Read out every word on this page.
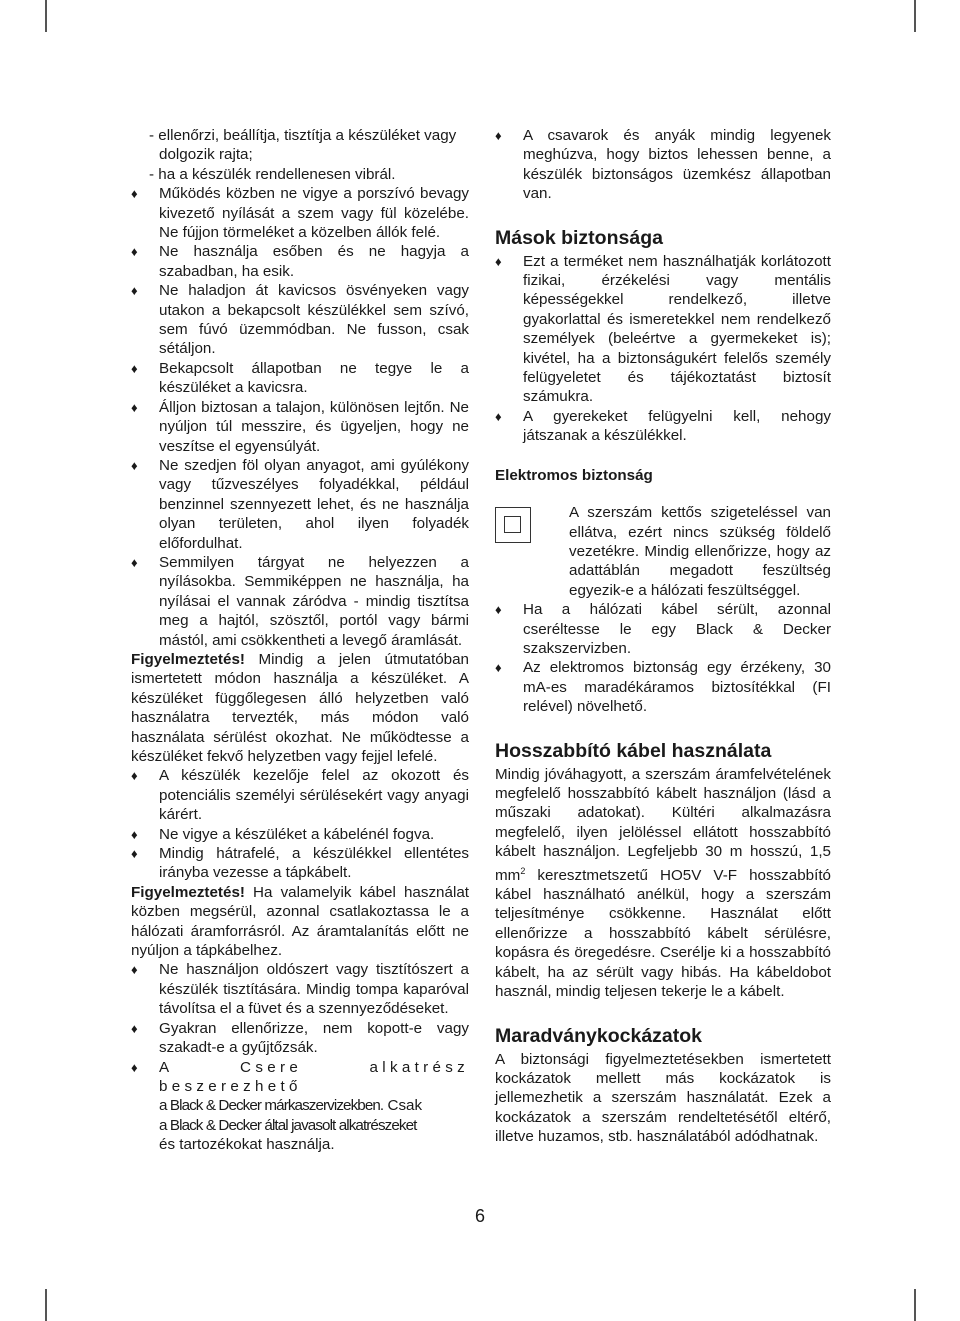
- ellenőrzi, beállítja, tisztítja a készüléket vagy dolgozik rajta;

- ha a készülék rendellenesen vibrál.

♦ Működés közben ne vigye a porszívó bevagy kivezető nyílását a szem vagy fül közelébe. Ne fújjon törmeléket a közelben állók felé.
♦ Ne használja esőben és ne hagyja a szabadban, ha esik.
♦ Ne haladjon át kavicsos ösvényeken vagy utakon a bekapcsolt készülékkel sem szívó, sem fúvó üzemmódban. Ne fusson, csak sétáljon.
♦ Bekapcsolt állapotban ne tegye le a készüléket a kavicsra.
♦ Álljon biztosan a talajon, különösen lejtőn. Ne nyúljon túl messzire, és ügyeljen, hogy ne veszítse el egyensúlyát.
♦ Ne szedjen föl olyan anyagot, ami gyúlékony vagy tűzveszélyes folyadékkal, például benzinnel szennyezett lehet, és ne használja olyan területen, ahol ilyen folyadék előfordulhat.
♦ Semmilyen tárgyat ne helyezzen a nyílásokba. Semmiképpen ne használja, ha nyílásai el vannak záródva - mindig tisztítsa meg a hajtól, szösztől, portól vagy bármi mástól, ami csökkentheti a levegő áramlását.

Figyelmeztetés! Mindig a jelen útmutatóban ismertetett módon használja a készüléket. A készüléket függőlegesen álló helyzetben való használatra tervezték, más módon való használata sérülést okozhat. Ne működtesse a készüléket fekvő helyzetben vagy fejjel lefelé.

♦ A készülék kezelője felel az okozott és potenciális személyi sérülésekért vagy anyagi kárért.
♦ Ne vigye a készüléket a kábelénél fogva.
♦ Mindig hátrafelé, a készülékkel ellentétes irányba vezesse a tápkábelt.

Figyelmeztetés! Ha valamelyik kábel használat közben megsérül, azonnal csatlakoztassa le a hálózati áramforrásról. Az áramtalanítás előtt ne nyúljon a tápkábelhez.

♦ Ne használjon oldószert vagy tisztítószert a készülék tisztítására. Mindig tompa kaparóval távolítsa el a füvet és a szennyeződéseket.
♦ Gyakran ellenőrizze, nem kopott-e vagy szakadt-e a gyűjtőzsák.
♦ A Csere alkatrész beszerezhető
a Black & Decker márkaszervizekben. Csak
a Black & Decker által javasolt alkatrészeket
és tartozékokat használja.
♦ A csavarok és anyák mindig legyenek meghúzva, hogy biztos lehessen benne, a készülék biztonságos üzemkész állapotban van.
Mások biztonsága
♦ Ezt a terméket nem használhatják korlátozott fizikai, érzékelési vagy mentális képességekkel rendelkező, illetve gyakorlattal és ismeretekkel nem rendelkező személyek (beleértve a gyermekeket is); kivétel, ha a biztonságukért felelős személy felügyeletet és tájékoztatást biztosít számukra.
♦ A gyerekeket felügyelni kell, nehogy játszanak a készülékkel.
Elektromos biztonság
A szerszám kettős szigeteléssel van ellátva, ezért nincs szükség földelő vezetékre. Mindig ellenőrizze, hogy az adattáblán megadott feszültség egyezik-e a hálózati feszültséggel.
♦ Ha a hálózati kábel sérült, azonnal cseréltesse le egy Black & Decker szakszervizben.
♦ Az elektromos biztonság egy érzékeny, 30 mA-es maradékáramos biztosítékkal (FI relével) növelhető.
Hosszabbító kábel használata

Mindig jóváhagyott, a szerszám áramfelvételének megfelelő hosszabbító kábelt használjon (lásd a műszaki adatokat). Kültéri alkalmazásra megfelelő, ilyen jelöléssel ellátott hosszabbító kábelt használjon. Legfeljebb 30 m hosszú, 1,5 $mm^2$ keresztmetszetű HO5V V-F hosszabbító kábel használható anélkül, hogy a szerszám teljesítménye csökkenne. Használat előtt ellenőrizze a hosszabbító kábelt sérülésre, kopásra és öregedésre. Cserélje ki a hosszabbító kábelt, ha az sérült vagy hibás. Ha kábeldobot használ, mindig teljesen tekerje le a kábelt.

Maradványkockázatok

A biztonsági figyelmeztetésekben ismertetett kockázatok mellett más kockázatok is jellemezhetik a szerszám használatát. Ezek a kockázatok a szerszám rendeltetésétől eltérő, illetve huzamos, stb. használatából adódhatnak.

6
